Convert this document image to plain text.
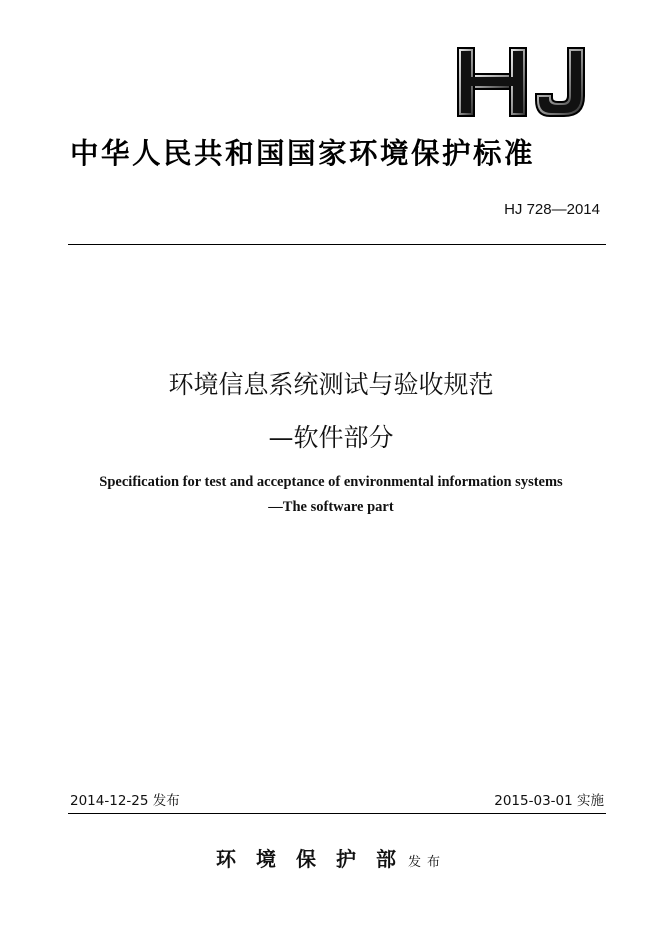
中华人民共和国国家环境保护标准
HJ 728—2014
环境信息系统测试与验收规范
—软件部分
Specification for test and acceptance of environmental information systems
—The software part
2014-12-25 发布	2015-03-01 实施
环境保护部发布
